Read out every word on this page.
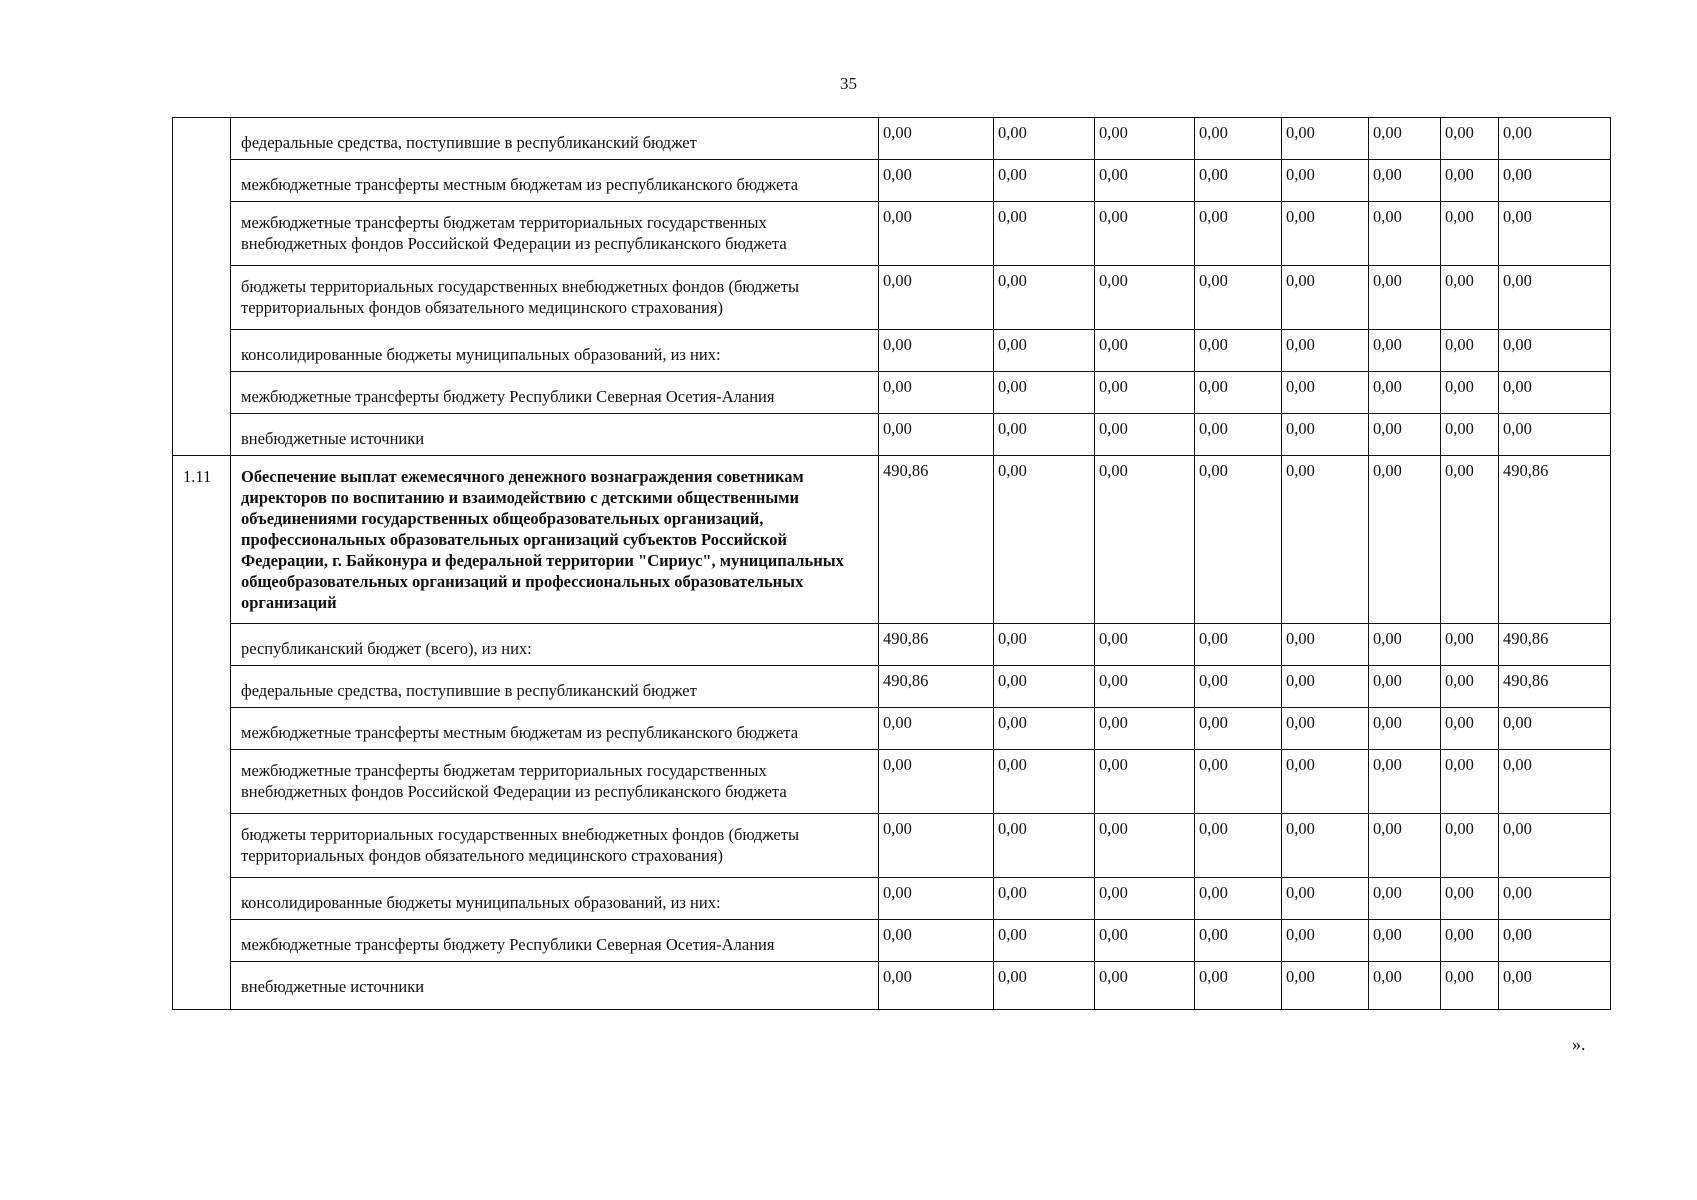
35
	федеральные средства, поступившие в республиканский бюджет	0,00	0,00	0,00	0,00	0,00	0,00	0,00	0,00
	межбюджетные трансферты местным бюджетам из республиканского бюджета	0,00	0,00	0,00	0,00	0,00	0,00	0,00	0,00
	межбюджетные трансферты бюджетам территориальных государственных внебюджетных фондов Российской Федерации из республиканского бюджета	0,00	0,00	0,00	0,00	0,00	0,00	0,00	0,00
	бюджеты территориальных государственных внебюджетных фондов (бюджеты территориальных фондов обязательного медицинского страхования)	0,00	0,00	0,00	0,00	0,00	0,00	0,00	0,00
	консолидированные бюджеты муниципальных образований, из них:	0,00	0,00	0,00	0,00	0,00	0,00	0,00	0,00
	межбюджетные трансферты бюджету Республики Северная Осетия-Алания	0,00	0,00	0,00	0,00	0,00	0,00	0,00	0,00
	внебюджетные источники	0,00	0,00	0,00	0,00	0,00	0,00	0,00	0,00
1.11	Обеспечение выплат ежемесячного денежного вознаграждения советникам директоров по воспитанию и взаимодействию с детскими общественными объединениями государственных общеобразовательных организаций, профессиональных образовательных организаций субъектов Российской Федерации, г. Байконура и федеральной территории "Сириус", муниципальных общеобразовательных организаций и профессиональных образовательных организаций	490,86	0,00	0,00	0,00	0,00	0,00	0,00	490,86
	республиканский бюджет (всего), из них:	490,86	0,00	0,00	0,00	0,00	0,00	0,00	490,86
	федеральные средства, поступившие в республиканский бюджет	490,86	0,00	0,00	0,00	0,00	0,00	0,00	490,86
	межбюджетные трансферты местным бюджетам из республиканского бюджета	0,00	0,00	0,00	0,00	0,00	0,00	0,00	0,00
	межбюджетные трансферты бюджетам территориальных государственных внебюджетных фондов Российской Федерации из республиканского бюджета	0,00	0,00	0,00	0,00	0,00	0,00	0,00	0,00
	бюджеты территориальных государственных внебюджетных фондов (бюджеты территориальных фондов обязательного медицинского страхования)	0,00	0,00	0,00	0,00	0,00	0,00	0,00	0,00
	консолидированные бюджеты муниципальных образований, из них:	0,00	0,00	0,00	0,00	0,00	0,00	0,00	0,00
	межбюджетные трансферты бюджету Республики Северная Осетия-Алания	0,00	0,00	0,00	0,00	0,00	0,00	0,00	0,00
	внебюджетные источники	0,00	0,00	0,00	0,00	0,00	0,00	0,00	0,00
».
